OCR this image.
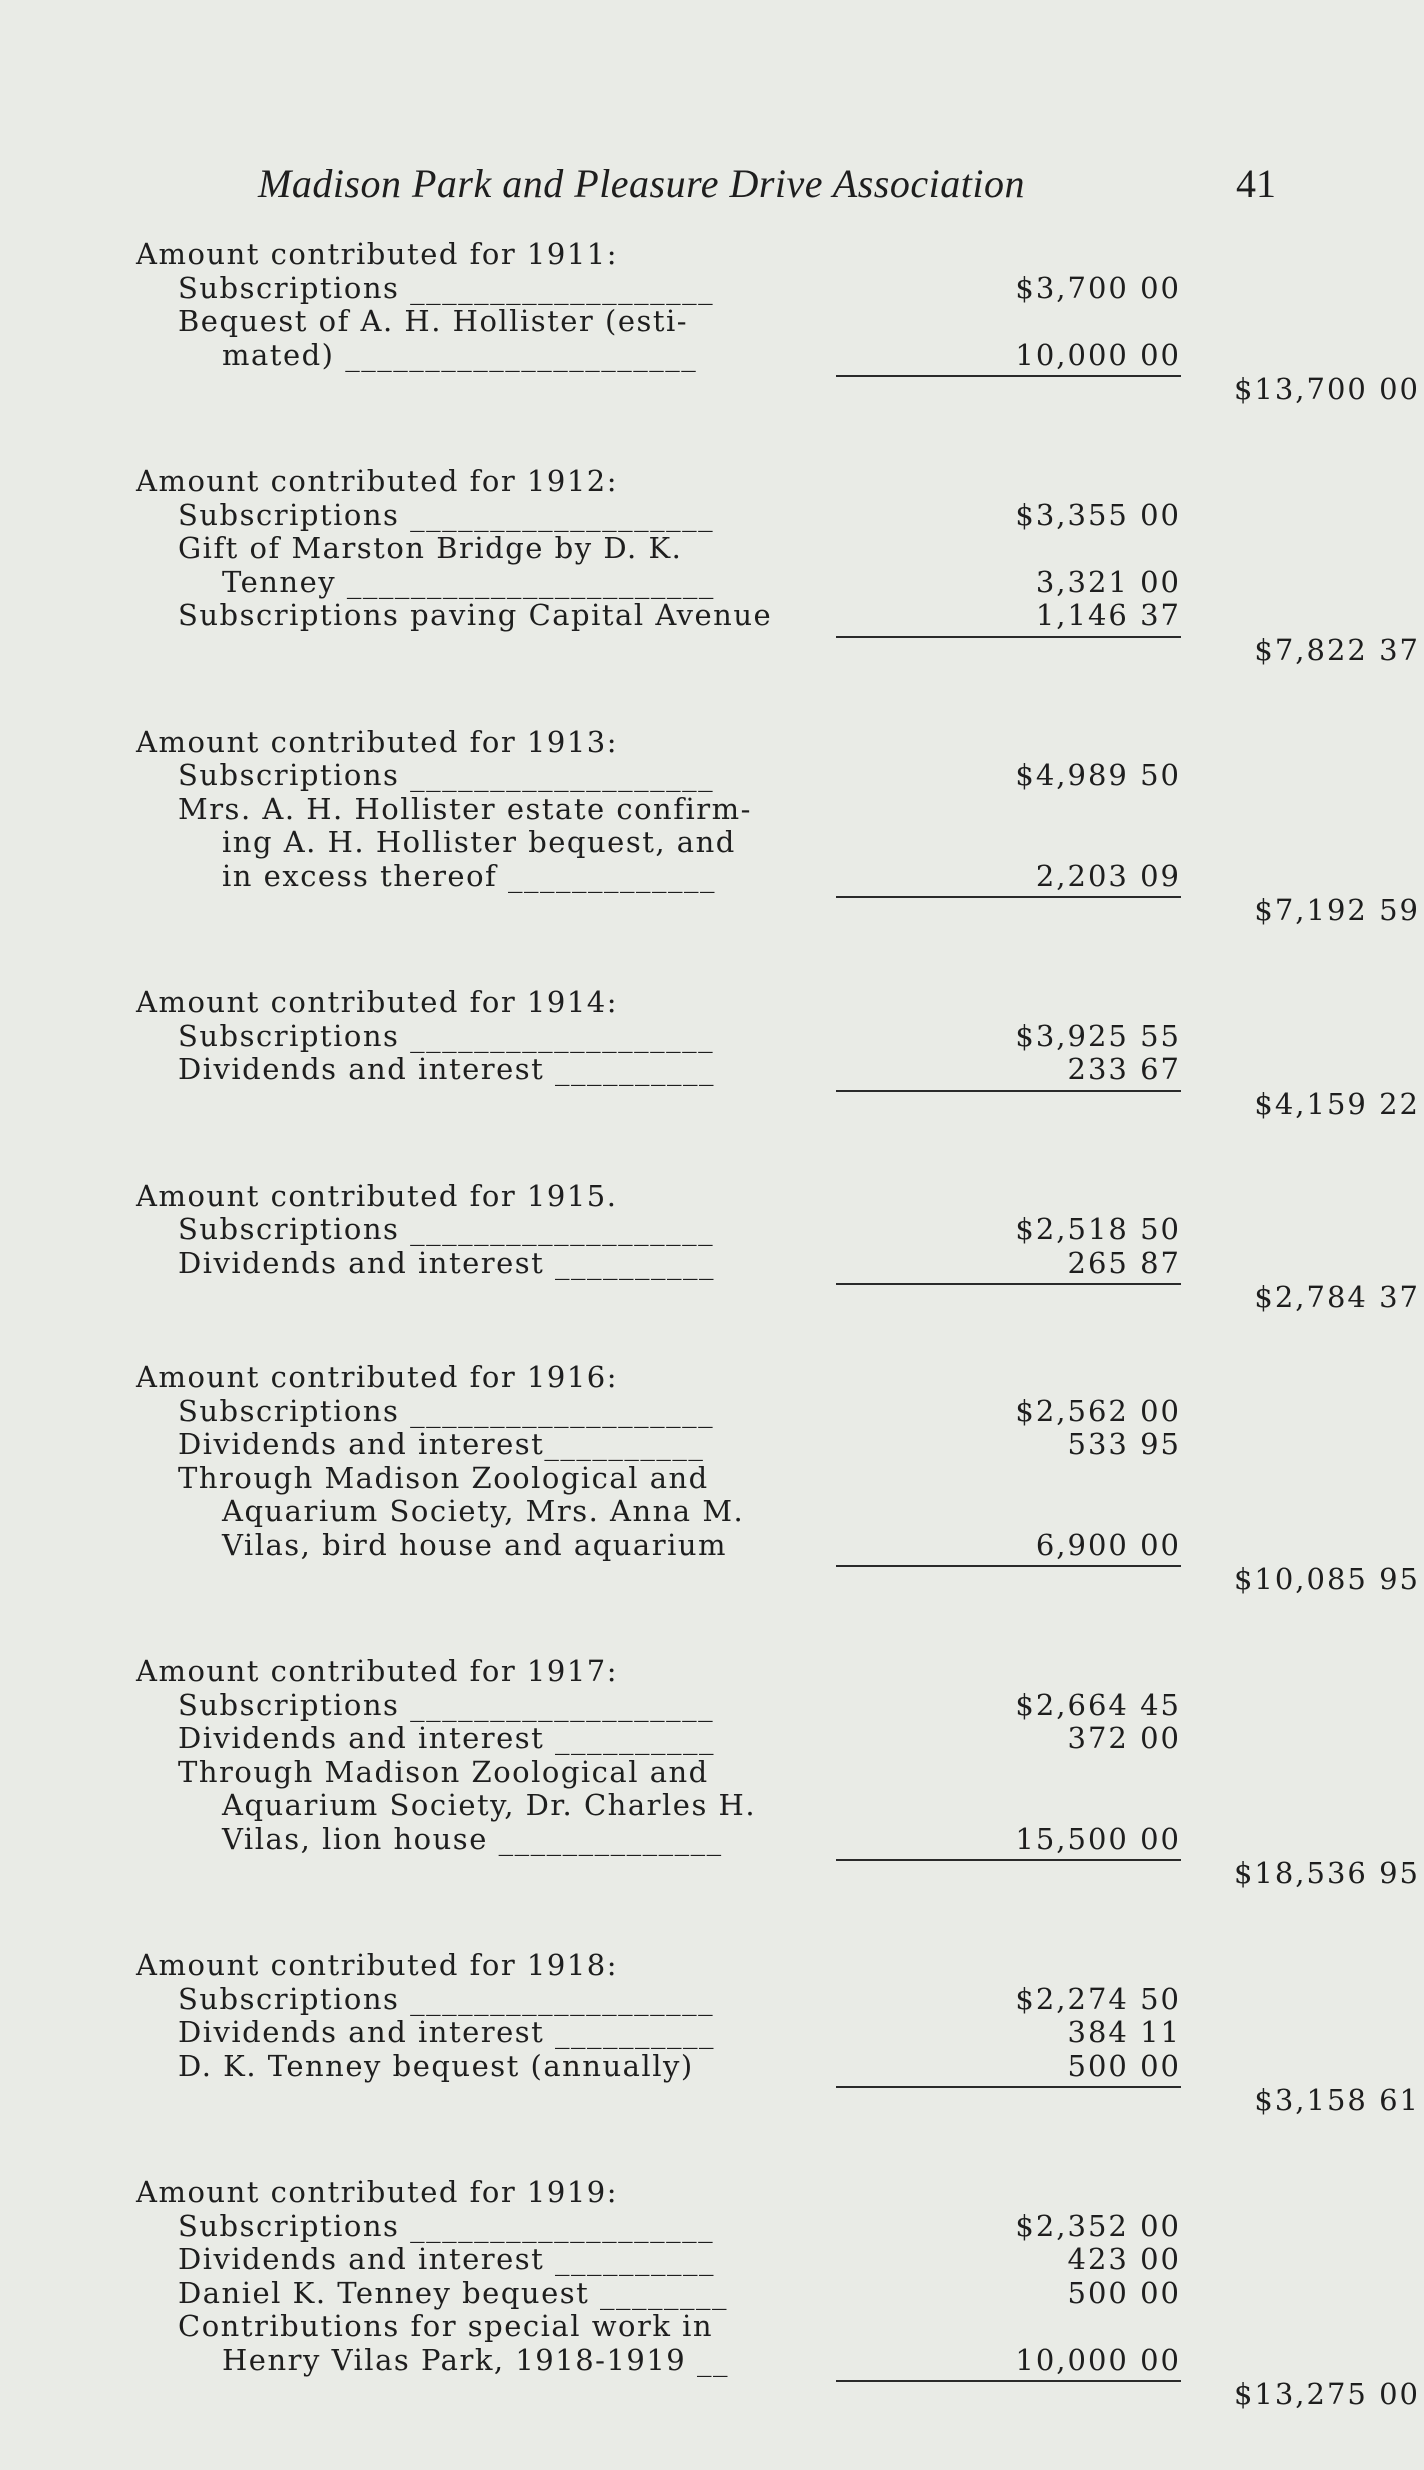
Madison Park and Pleasure Drive Association	41
Amount contributed for 1911:
Subscriptions ___________________	$3,700 00
Bequest of A. H. Hollister (esti-
mated) ______________________	10,000 00
$13,700 00
Amount contributed for 1912:
Subscriptions ___________________	$3,355 00
Gift of Marston Bridge by D. K.
Tenney _______________________	3,321 00
Subscriptions paving Capital Avenue	1,146 37
$7,822 37
Amount contributed for 1913:
Subscriptions ___________________	$4,989 50
Mrs. A. H. Hollister estate confirm-
ing A. H. Hollister bequest, and
in excess thereof _____________	2,203 09
$7,192 59
Amount contributed for 1914:
Subscriptions ___________________	$3,925 55
Dividends and interest __________	233 67
$4,159 22
Amount contributed for 1915.
Subscriptions ___________________	$2,518 50
Dividends and interest __________	265 87
$2,784 37
Amount contributed for 1916:
Subscriptions ___________________	$2,562 00
Dividends and interest__________	533 95
Through Madison Zoological and
Aquarium Society, Mrs. Anna M.
Vilas, bird house and aquarium	6,900 00
$10,085 95
Amount contributed for 1917:
Subscriptions ___________________	$2,664 45
Dividends and interest __________	372 00
Through Madison Zoological and
Aquarium Society, Dr. Charles H.
Vilas, lion house ______________	15,500 00
$18,536 95
Amount contributed for 1918:
Subscriptions ___________________	$2,274 50
Dividends and interest __________	384 11
D. K. Tenney bequest (annually)	500 00
$3,158 61
Amount contributed for 1919:
Subscriptions ___________________	$2,352 00
Dividends and interest __________	423 00
Daniel K. Tenney bequest ________	500 00
Contributions for special work in
Henry Vilas Park, 1918-1919 __	10,000 00
$13,275 00
